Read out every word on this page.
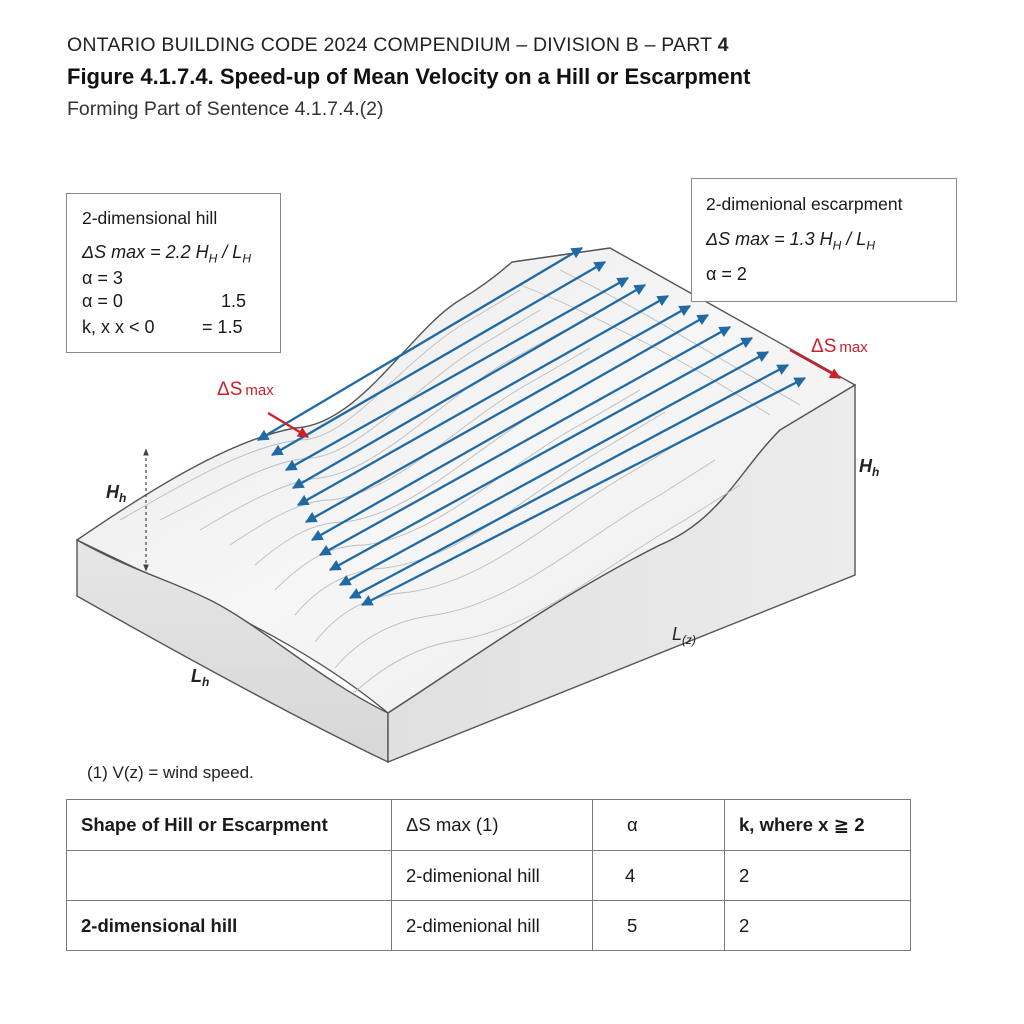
ONTARIO BUILDING CODE 2024 COMPENDIUM – DIVISION B – PART 4
Figure 4.1.7.4. Speed-up of Mean Velocity on a Hill or Escarpment
Forming Part of Sentence 4.1.7.4.(2)
ΔS max
ΔS max
$H_h$
$H_h$
$L_h$
$L_{(z)}$
2-dimensional hill
ΔS max = 2.2 $H_H / L_H$
α = 3
α = 0	1.5
k, x x < 0	= 1.5
2-dimenional escarpment
ΔS max = 1.3 $H_H / L_H$
α = 2
(1) V(z) = wind speed.
Shape of Hill or Escarpment	ΔS max (1)	α	k, where x ≧ 2
	2-dimenional hill	4	2
2-dimensional hill	2-dimenional hill	5	2
